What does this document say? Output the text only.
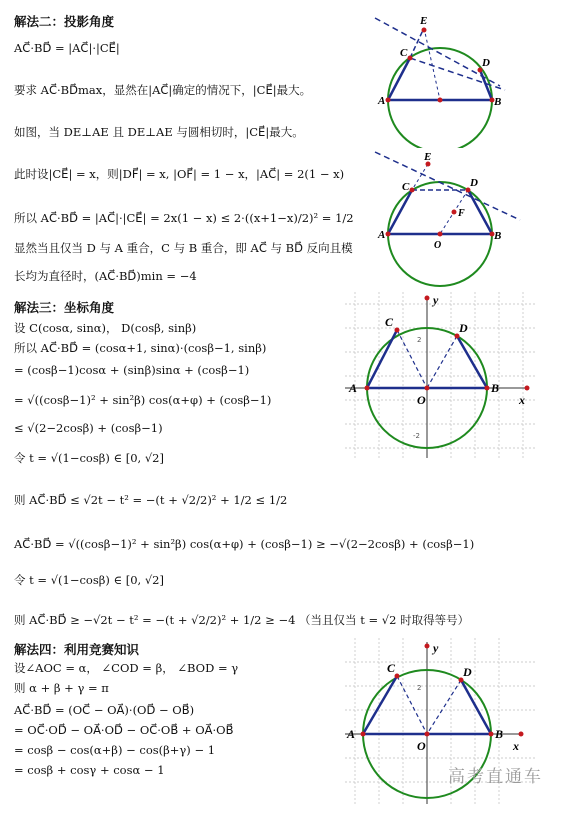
解法二：投影角度
AC⃗·BD⃗ = |AC⃗|·|CE⃗|
要求 AC⃗·BD⃗max，显然在|AC⃗|确定的情况下，|CE⃗|最大。
如图，当 DE⊥AE 且 DE⊥AE 与圆相切时，|CE⃗|最大。
此时设|CE⃗| = x，则|DF⃗| = x, |OF⃗| = 1 − x，|AC⃗| = 2(1 − x)
所以 AC⃗·BD⃗ = |AC⃗|·|CE⃗| = 2x(1 − x) ≤ 2·((x+1−x)/2)² = 1/2
显然当且仅当 D 与 A 重合，C 与 B 重合，即 AC⃗ 与 BD⃗ 反向且模
长均为直径时，(AC⃗·BD⃗)min = −4
解法三：坐标角度
设 C(cosα, sinα)， D(cosβ, sinβ)
所以 AC⃗·BD⃗ = (cosα+1, sinα)·(cosβ−1, sinβ)
= (cosβ−1)cosα + (sinβ)sinα + (cosβ−1)
= √((cosβ−1)² + sin²β) cos(α+φ) + (cosβ−1)
≤ √(2−2cosβ) + (cosβ−1)
令 t = √(1−cosβ) ∈ [0, √2]
则 AC⃗·BD⃗ ≤ √2t − t² = −(t + √2/2)² + 1/2 ≤ 1/2
AC⃗·BD⃗ = √((cosβ−1)² + sin²β) cos(α+φ) + (cosβ−1) ≥ −√(2−2cosβ) + (cosβ−1)
令 t = √(1−cosβ) ∈ [0, √2]
则 AC⃗·BD⃗ ≥ −√2t − t² = −(t + √2/2)² + 1/2 ≥ −4 （当且仅当 t = √2 时取得等号）
解法四：利用竞赛知识
设∠AOC = α， ∠COD = β， ∠BOD = γ
则 α + β + γ = π
AC⃗·BD⃗ = (OC⃗ − OA⃗)·(OD⃗ − OB⃗)
= OC⃗·OD⃗ − OA⃗·OD⃗ − OC⃗·OB⃗ + OA⃗·OB⃗
= cosβ − cos(α+β) − cos(β+γ) − 1
= cosβ + cosγ + cosα − 1
A	B
C
D
E
A	B
C	D
E
F
O
A	B
C	D
O	x
y
2
-2
A	B
C	D
O	x
y
2
高考直通车
